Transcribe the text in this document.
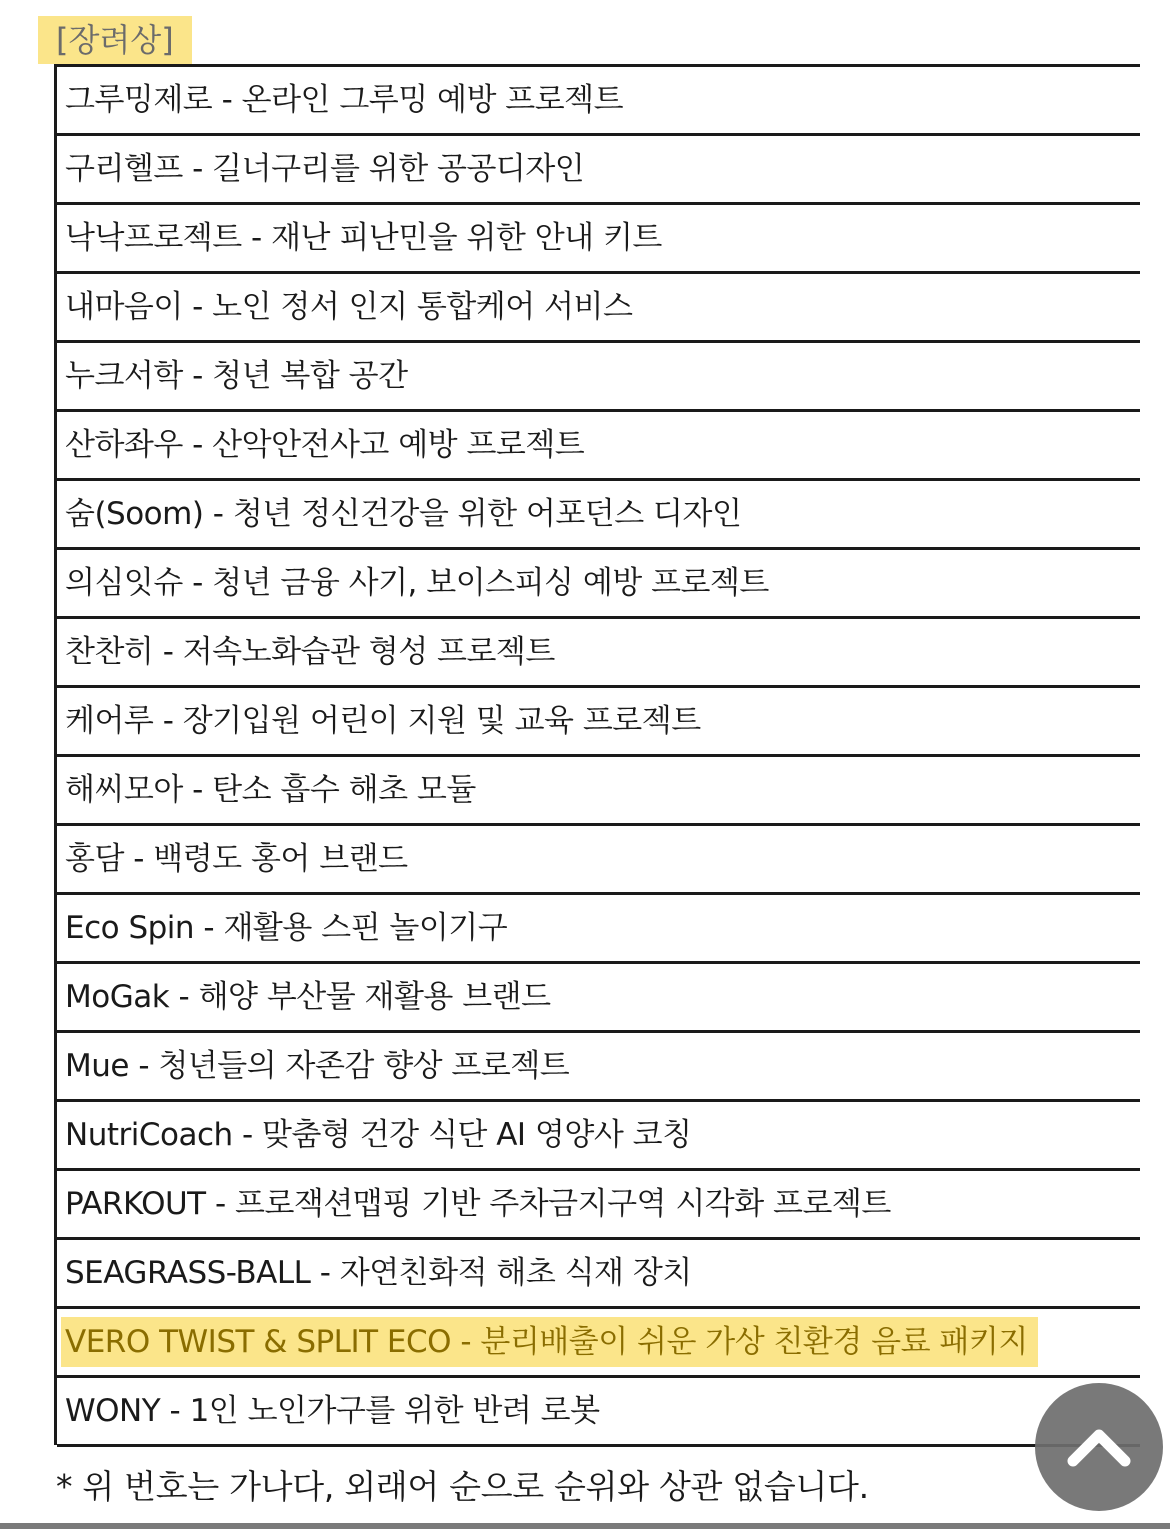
[장려상]
그루밍제로 - 온라인 그루밍 예방 프로젝트
구리헬프 - 길너구리를 위한 공공디자인
낙낙프로젝트 - 재난 피난민을 위한 안내 키트
내마음이 - 노인 정서 인지 통합케어 서비스
누크서학 - 청년 복합 공간
산하좌우 - 산악안전사고 예방 프로젝트
숨(Soom) - 청년 정신건강을 위한 어포던스 디자인
의심잇슈 - 청년 금융 사기, 보이스피싱 예방 프로젝트
찬찬히 - 저속노화습관 형성 프로젝트
케어루 - 장기입원 어린이 지원 및 교육 프로젝트
해씨모아 - 탄소 흡수 해초 모듈
홍담 - 백령도 홍어 브랜드
Eco Spin - 재활용 스핀 놀이기구
MoGak - 해양 부산물 재활용 브랜드
Mue - 청년들의 자존감 향상 프로젝트
NutriCoach - 맞춤형 건강 식단 AI 영양사 코칭
PARKOUT - 프로잭션맵핑 기반 주차금지구역 시각화 프로젝트
SEAGRASS-BALL - 자연친화적 해초 식재 장치
VERO TWIST & SPLIT ECO - 분리배출이 쉬운 가상 친환경 음료 패키지
WONY - 1인 노인가구를 위한 반려 로봇
* 위 번호는 가나다, 외래어 순으로 순위와 상관 없습니다.
